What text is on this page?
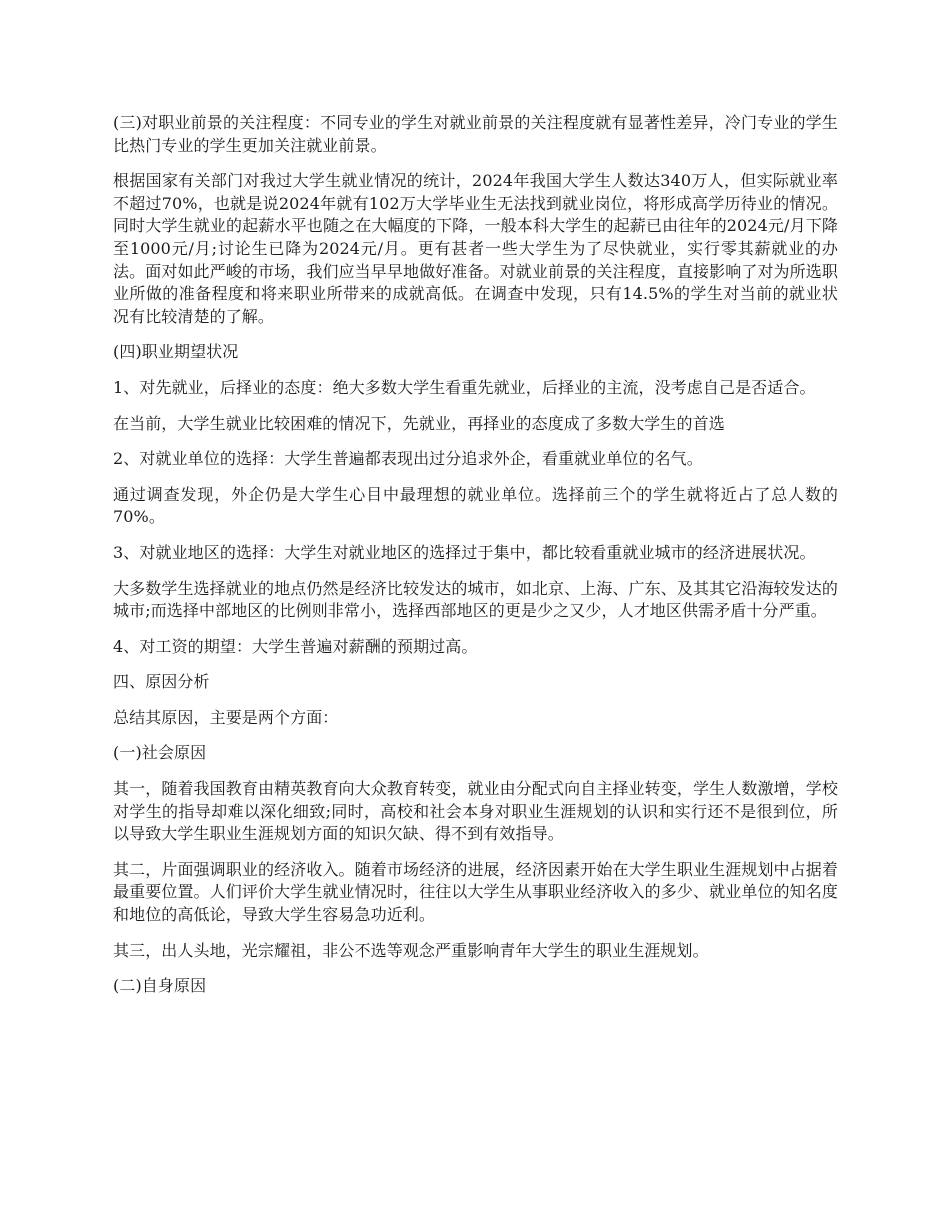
(三)对职业前景的关注程度：不同专业的学生对就业前景的关注程度就有显著性差异，冷门专业的学生比热门专业的学生更加关注就业前景。

根据国家有关部门对我过大学生就业情况的统计，2024年我国大学生人数达340万人，但实际就业率不超过70%，也就是说2024年就有102万大学毕业生无法找到就业岗位，将形成高学历待业的情况。同时大学生就业的起薪水平也随之在大幅度的下降，一般本科大学生的起薪已由往年的2024元/月下降至1000元/月;讨论生已降为2024元/月。更有甚者一些大学生为了尽快就业，实行零其薪就业的办法。面对如此严峻的市场，我们应当早早地做好准备。对就业前景的关注程度，直接影响了对为所选职业所做的准备程度和将来职业所带来的成就高低。在调查中发现，只有14.5%的学生对当前的就业状况有比较清楚的了解。

(四)职业期望状况

1、对先就业，后择业的态度：绝大多数大学生看重先就业，后择业的主流，没考虑自己是否适合。

在当前，大学生就业比较困难的情况下，先就业，再择业的态度成了多数大学生的首选

2、对就业单位的选择：大学生普遍都表现出过分追求外企，看重就业单位的名气。

通过调查发现，外企仍是大学生心目中最理想的就业单位。选择前三个的学生就将近占了总人数的70%。

3、对就业地区的选择：大学生对就业地区的选择过于集中，都比较看重就业城市的经济进展状况。

大多数学生选择就业的地点仍然是经济比较发达的城市，如北京、上海、广东、及其其它沿海较发达的城市;而选择中部地区的比例则非常小，选择西部地区的更是少之又少，人才地区供需矛盾十分严重。

4、对工资的期望：大学生普遍对薪酬的预期过高。

四、原因分析

总结其原因，主要是两个方面：

(一)社会原因

其一，随着我国教育由精英教育向大众教育转变，就业由分配式向自主择业转变，学生人数激增，学校对学生的指导却难以深化细致;同时，高校和社会本身对职业生涯规划的认识和实行还不是很到位，所以导致大学生职业生涯规划方面的知识欠缺、得不到有效指导。

其二，片面强调职业的经济收入。随着市场经济的进展，经济因素开始在大学生职业生涯规划中占据着最重要位置。人们评价大学生就业情况时，往往以大学生从事职业经济收入的多少、就业单位的知名度和地位的高低论，导致大学生容易急功近利。

其三，出人头地，光宗耀祖，非公不选等观念严重影响青年大学生的职业生涯规划。

(二)自身原因
